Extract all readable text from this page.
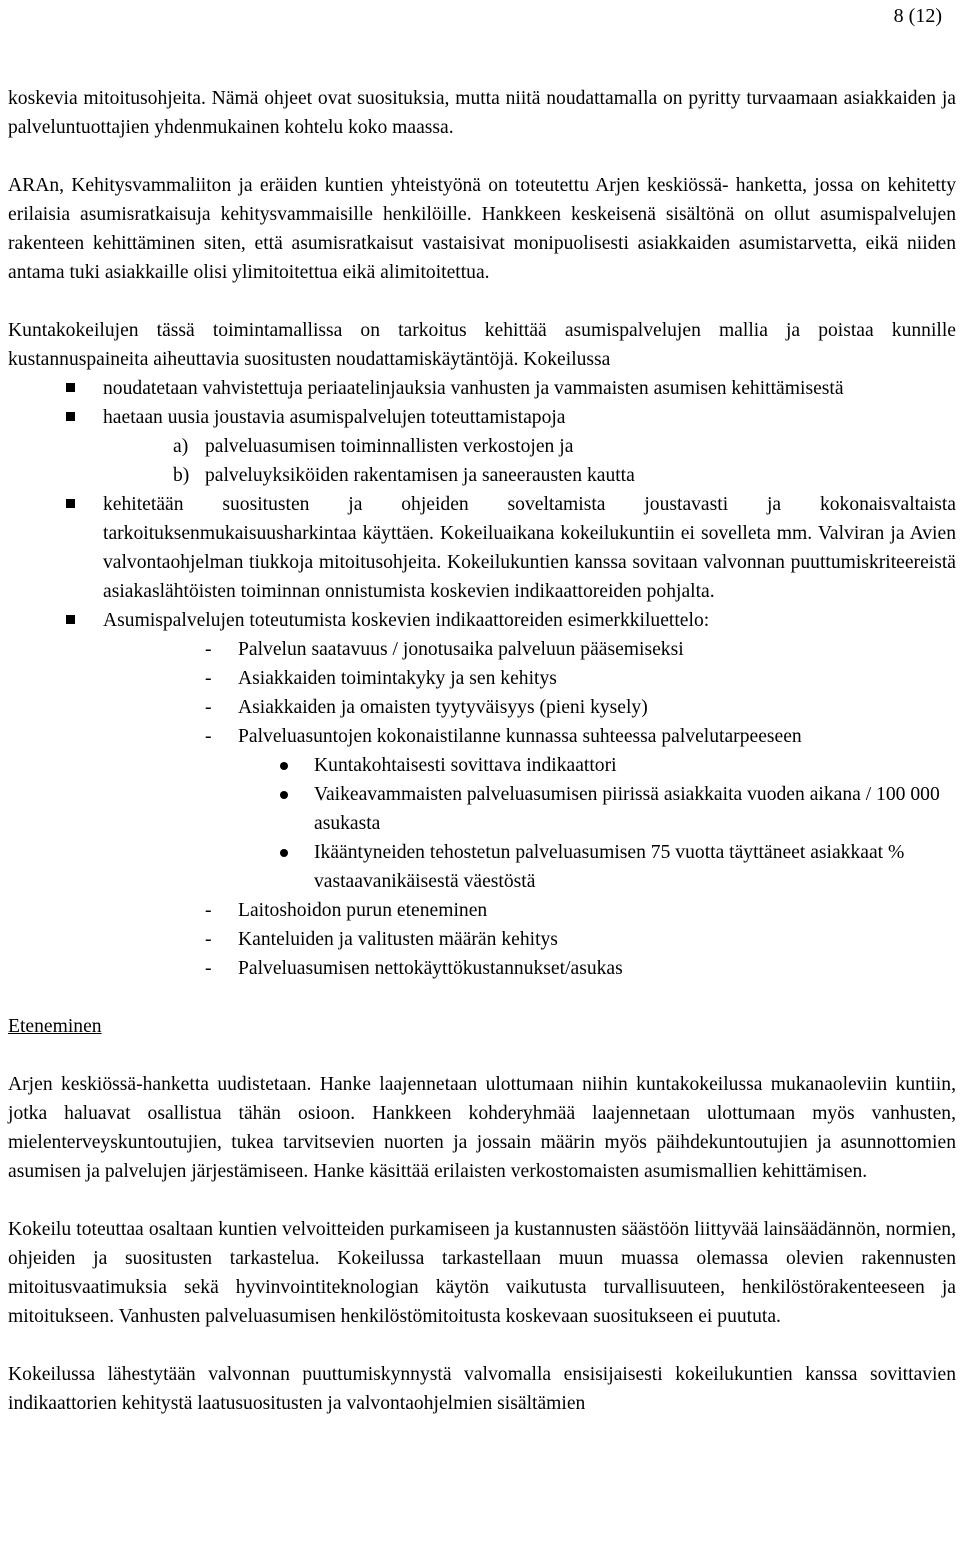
8 (12)

koskevia mitoitusohjeita. Nämä ohjeet ovat suosituksia, mutta niitä noudattamalla on pyritty turvaamaan asiakkaiden ja palveluntuottajien yhdenmukainen kohtelu koko maassa.

ARAn, Kehitysvammaliiton ja eräiden kuntien yhteistyönä on toteutettu Arjen keskiössä- hanketta, jossa on kehitetty erilaisia asumisratkaisuja kehitysvammaisille henkilöille. Hankkeen keskeisenä sisältönä on ollut asumispalvelujen rakenteen kehittäminen siten, että asumisratkaisut vastaisivat monipuolisesti asiakkaiden asumistarvetta, eikä niiden antama tuki asiakkaille olisi ylimitoitettua eikä alimitoitettua.

Kuntakokeilujen tässä toimintamallissa on tarkoitus kehittää asumispalvelujen mallia ja poistaa kunnille kustannuspaineita aiheuttavia suositusten noudattamiskäytäntöjä. Kokeilussa

noudatetaan vahvistettuja periaatelinjauksia vanhusten ja vammaisten asumisen kehittämisestä
haetaan uusia joustavia asumispalvelujen toteuttamistapoja
a) palveluasumisen toiminnallisten verkostojen ja
b) palveluyksiköiden rakentamisen ja saneerausten kautta
kehitetään suositusten ja ohjeiden soveltamista joustavasti ja kokonaisvaltaista tarkoituksenmukaisuusharkintaa käyttäen. Kokeiluaikana kokeilukuntiin ei sovelleta mm. Valviran ja Avien valvontaohjelman tiukkoja mitoitusohjeita. Kokeilukuntien kanssa sovitaan valvonnan puuttumiskriteereistä asiakaslähtöisten toiminnan onnistumista koskevien indikaattoreiden pohjalta.
Asumispalvelujen toteutumista koskevien indikaattoreiden esimerkkiluettelo:
- Palvelun saatavuus / jonotusaika palveluun pääsemiseksi
- Asiakkaiden toimintakyky ja sen kehitys
- Asiakkaiden ja omaisten tyytyväisyys (pieni kysely)
- Palveluasuntojen kokonaistilanne kunnassa suhteessa palvelutarpeeseen
Kuntakohtaisesti sovittava indikaattori
Vaikeavammaisten palveluasumisen piirissä asiakkaita vuoden aikana / 100 000 asukasta
Ikääntyneiden tehostetun palveluasumisen 75 vuotta täyttäneet asiakkaat % vastaavanikäisestä väestöstä
- Laitoshoidon purun eteneminen
- Kanteluiden ja valitusten määrän kehitys
- Palveluasumisen nettokäyttökustannukset/asukas
Eteneminen

Arjen keskiössä-hanketta uudistetaan. Hanke laajennetaan ulottumaan niihin kuntakokeilussa mukanaoleviin kuntiin, jotka haluavat osallistua tähän osioon. Hankkeen kohderyhmää laajennetaan ulottumaan myös vanhusten, mielenterveyskuntoutujien, tukea tarvitsevien nuorten ja jossain määrin myös päihdekuntoutujien ja asunnottomien asumisen ja palvelujen järjestämiseen. Hanke käsittää erilaisten verkostomaisten asumismallien kehittämisen.

Kokeilu toteuttaa osaltaan kuntien velvoitteiden purkamiseen ja kustannusten säästöön liittyvää lainsäädännön, normien, ohjeiden ja suositusten tarkastelua. Kokeilussa tarkastellaan muun muassa olemassa olevien rakennusten mitoitusvaatimuksia sekä hyvinvointiteknologian käytön vaikutusta turvallisuuteen, henkilöstörakenteeseen ja mitoitukseen. Vanhusten palveluasumisen henkilöstömitoitusta koskevaan suositukseen ei puututa.

Kokeilussa lähestytään valvonnan puuttumiskynnystä valvomalla ensisijaisesti kokeilukuntien kanssa sovittavien indikaattorien kehitystä laatusuositusten ja valvontaohjelmien sisältämien
